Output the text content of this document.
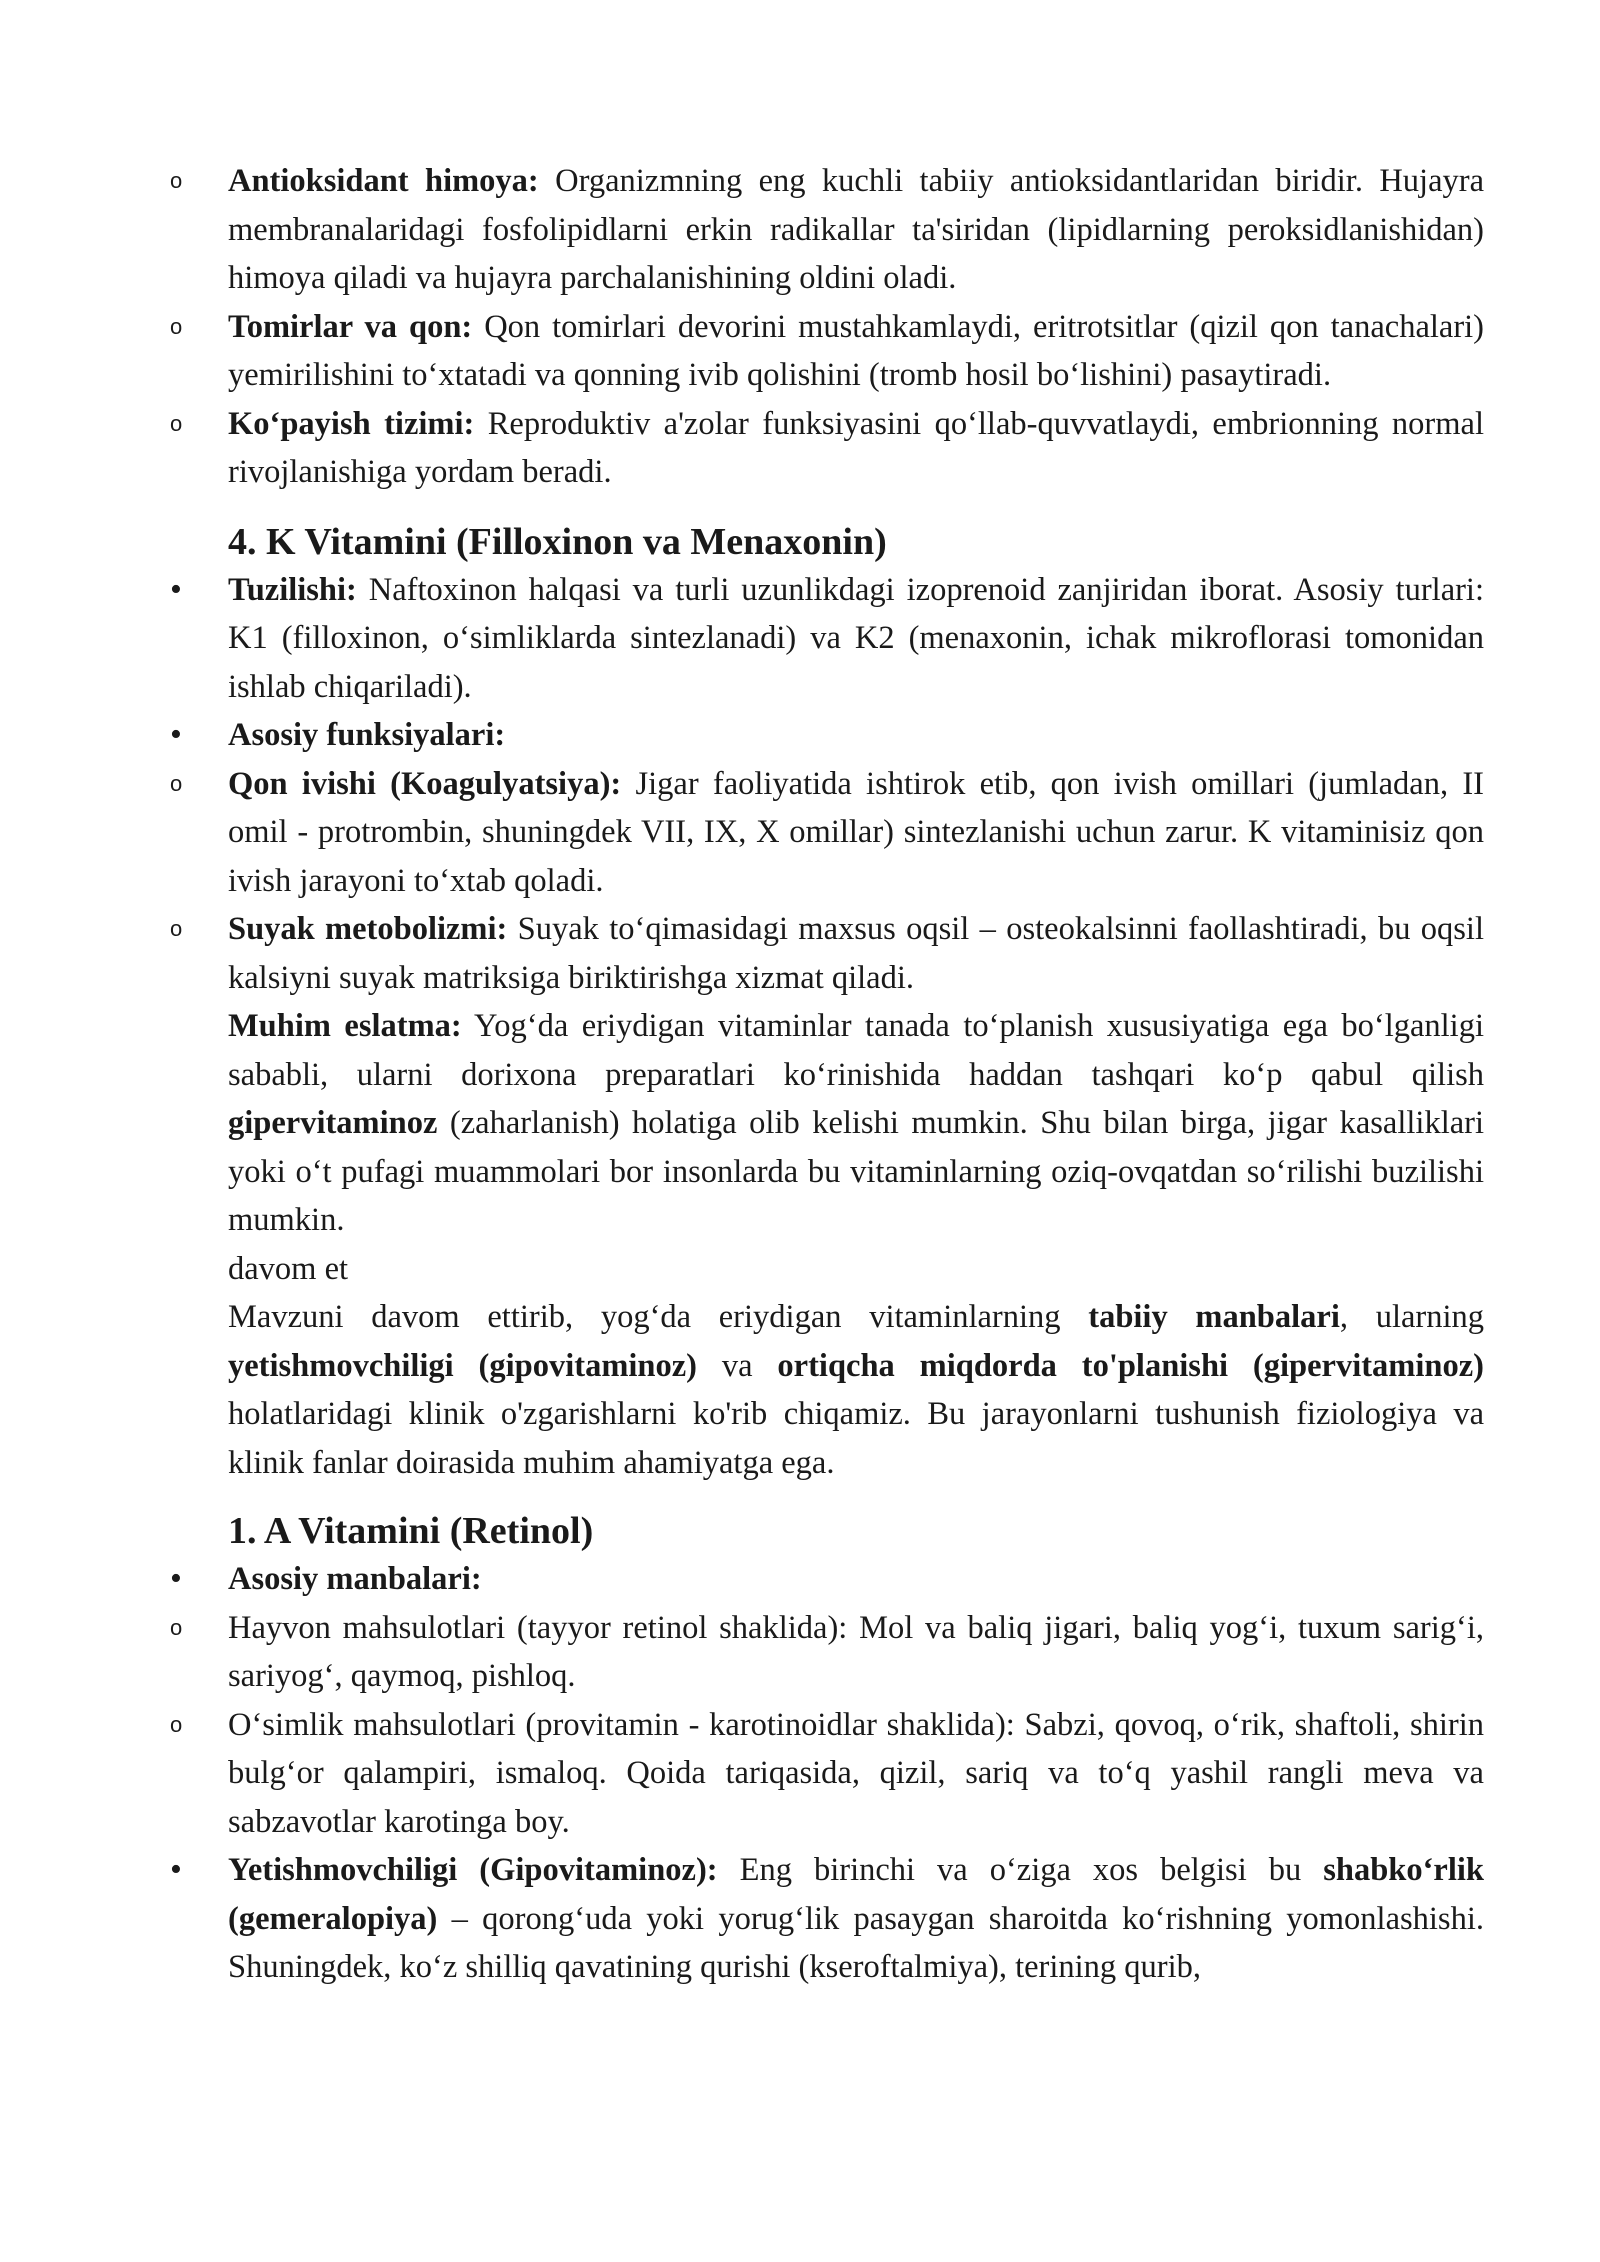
o	Antioksidant himoya: Organizmning eng kuchli tabiiy antioksidantlaridan biridir. Hujayra membranalaridagi fosfolipidlarni erkin radikallar ta'siridan (lipidlarning peroksidlanishidan) himoya qiladi va hujayra parchalanishining oldini oladi.
o	Tomirlar va qon: Qon tomirlari devorini mustahkamlaydi, eritrotsitlar (qizil qon tanachalari) yemirilishini to‘xtatadi va qonning ivib qolishini (tromb hosil bo‘lishini) pasaytiradi.
o	Ko‘payish tizimi: Reproduktiv a'zolar funksiyasini qo‘llab-quvvatlaydi, embrionning normal rivojlanishiga yordam beradi.
4. K Vitamini (Filloxinon va Menaxonin)
•	Tuzilishi: Naftoxinon halqasi va turli uzunlikdagi izoprenoid zanjiridan iborat. Asosiy turlari: K1 (filloxinon, o‘simliklarda sintezlanadi) va K2 (menaxonin, ichak mikroflorasi tomonidan ishlab chiqariladi).
•	Asosiy funksiyalari:
o	Qon ivishi (Koagulyatsiya): Jigar faoliyatida ishtirok etib, qon ivish omillari (jumladan, II omil - protrombin, shuningdek VII, IX, X omillar) sintezlanishi uchun zarur. K vitaminisiz qon ivish jarayoni to‘xtab qoladi.
o	Suyak metobolizmi: Suyak to‘qimasidagi maxsus oqsil – osteokalsinni faollashtiradi, bu oqsil kalsiyni suyak matriksiga biriktirishga xizmat qiladi.
Muhim eslatma: Yog‘da eriydigan vitaminlar tanada to‘planish xususiyatiga ega bo‘lganligi sababli, ularni dorixona preparatlari ko‘rinishida haddan tashqari ko‘p qabul qilish gipervitaminoz (zaharlanish) holatiga olib kelishi mumkin. Shu bilan birga, jigar kasalliklari yoki o‘t pufagi muammolari bor insonlarda bu vitaminlarning oziq-ovqatdan so‘rilishi buzilishi mumkin.
davom et
Mavzuni davom ettirib, yog‘da eriydigan vitaminlarning tabiiy manbalari, ularning yetishmovchiligi (gipovitaminoz) va ortiqcha miqdorda to'planishi (gipervitaminoz) holatlaridagi klinik o'zgarishlarni ko'rib chiqamiz. Bu jarayonlarni tushunish fiziologiya va klinik fanlar doirasida muhim ahamiyatga ega.
1. A Vitamini (Retinol)
•	Asosiy manbalari:
o	Hayvon mahsulotlari (tayyor retinol shaklida): Mol va baliq jigari, baliq yog‘i, tuxum sarig‘i, sariyog‘, qaymoq, pishloq.
o	O‘simlik mahsulotlari (provitamin - karotinoidlar shaklida): Sabzi, qovoq, o‘rik, shaftoli, shirin bulg‘or qalampiri, ismaloq. Qoida tariqasida, qizil, sariq va to‘q yashil rangli meva va sabzavotlar karotinga boy.
•	Yetishmovchiligi (Gipovitaminoz): Eng birinchi va o‘ziga xos belgisi bu shabko‘rlik (gemeralopiya) – qorong‘uda yoki yorug‘lik pasaygan sharoitda ko‘rishning yomonlashishi. Shuningdek, ko‘z shilliq qavatining qurishi (kseroftalmiya), terining qurib,
